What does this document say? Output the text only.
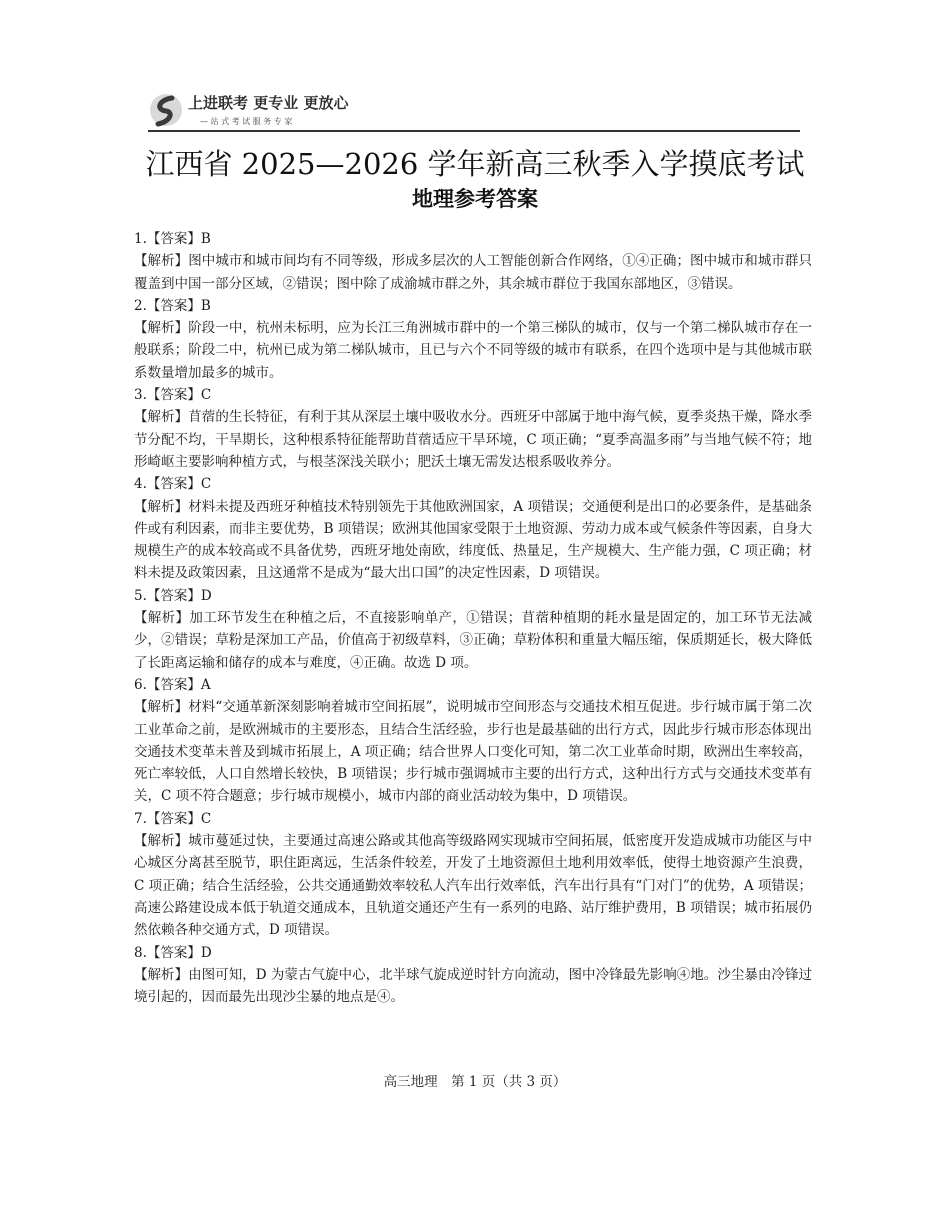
上进联考 更专业 更放心
— 站 式 考 试 服 务 专 家
江西省 2025—2026 学年新高三秋季入学摸底考试
地理参考答案

1.【答案】B

【解析】图中城市和城市间均有不同等级，形成多层次的人工智能创新合作网络，①④正确；图中城市和城市群只覆盖到中国一部分区域，②错误；图中除了成渝城市群之外，其余城市群位于我国东部地区，③错误。

2.【答案】B

【解析】阶段一中，杭州未标明，应为长江三角洲城市群中的一个第三梯队的城市，仅与一个第二梯队城市存在一般联系；阶段二中，杭州已成为第二梯队城市，且已与六个不同等级的城市有联系，在四个选项中是与其他城市联系数量增加最多的城市。

3.【答案】C

【解析】苜蓿的生长特征，有利于其从深层土壤中吸收水分。西班牙中部属于地中海气候，夏季炎热干燥，降水季节分配不均，干旱期长，这种根系特征能帮助苜蓿适应干旱环境，C 项正确；“夏季高温多雨”与当地气候不符；地形崎岖主要影响种植方式，与根茎深浅关联小；肥沃土壤无需发达根系吸收养分。

4.【答案】C

【解析】材料未提及西班牙种植技术特别领先于其他欧洲国家，A 项错误；交通便利是出口的必要条件，是基础条件或有利因素，而非主要优势，B 项错误；欧洲其他国家受限于土地资源、劳动力成本或气候条件等因素，自身大规模生产的成本较高或不具备优势，西班牙地处南欧，纬度低、热量足，生产规模大、生产能力强，C 项正确；材料未提及政策因素，且这通常不是成为“最大出口国”的决定性因素，D 项错误。

5.【答案】D

【解析】加工环节发生在种植之后，不直接影响单产，①错误；苜蓿种植期的耗水量是固定的，加工环节无法减少，②错误；草粉是深加工产品，价值高于初级草料，③正确；草粉体积和重量大幅压缩，保质期延长，极大降低了长距离运输和储存的成本与难度，④正确。故选 D 项。

6.【答案】A

【解析】材料“交通革新深刻影响着城市空间拓展”，说明城市空间形态与交通技术相互促进。步行城市属于第二次工业革命之前，是欧洲城市的主要形态，且结合生活经验，步行也是最基础的出行方式，因此步行城市形态体现出交通技术变革未普及到城市拓展上，A 项正确；结合世界人口变化可知，第二次工业革命时期，欧洲出生率较高，死亡率较低，人口自然增长较快，B 项错误；步行城市强调城市主要的出行方式，这种出行方式与交通技术变革有关，C 项不符合题意；步行城市规模小，城市内部的商业活动较为集中，D 项错误。

7.【答案】C

【解析】城市蔓延过快，主要通过高速公路或其他高等级路网实现城市空间拓展，低密度开发造成城市功能区与中心城区分离甚至脱节，职住距离远，生活条件较差，开发了土地资源但土地利用效率低，使得土地资源产生浪费，C 项正确；结合生活经验，公共交通通勤效率较私人汽车出行效率低，汽车出行具有“门对门”的优势，A 项错误；高速公路建设成本低于轨道交通成本，且轨道交通还产生有一系列的电路、站厅维护费用，B 项错误；城市拓展仍然依赖各种交通方式，D 项错误。

8.【答案】D

【解析】由图可知，D 为蒙古气旋中心，北半球气旋成逆时针方向流动，图中冷锋最先影响④地。沙尘暴由冷锋过境引起的，因而最先出现沙尘暴的地点是④。

高三地理　第 1 页（共 3 页）
